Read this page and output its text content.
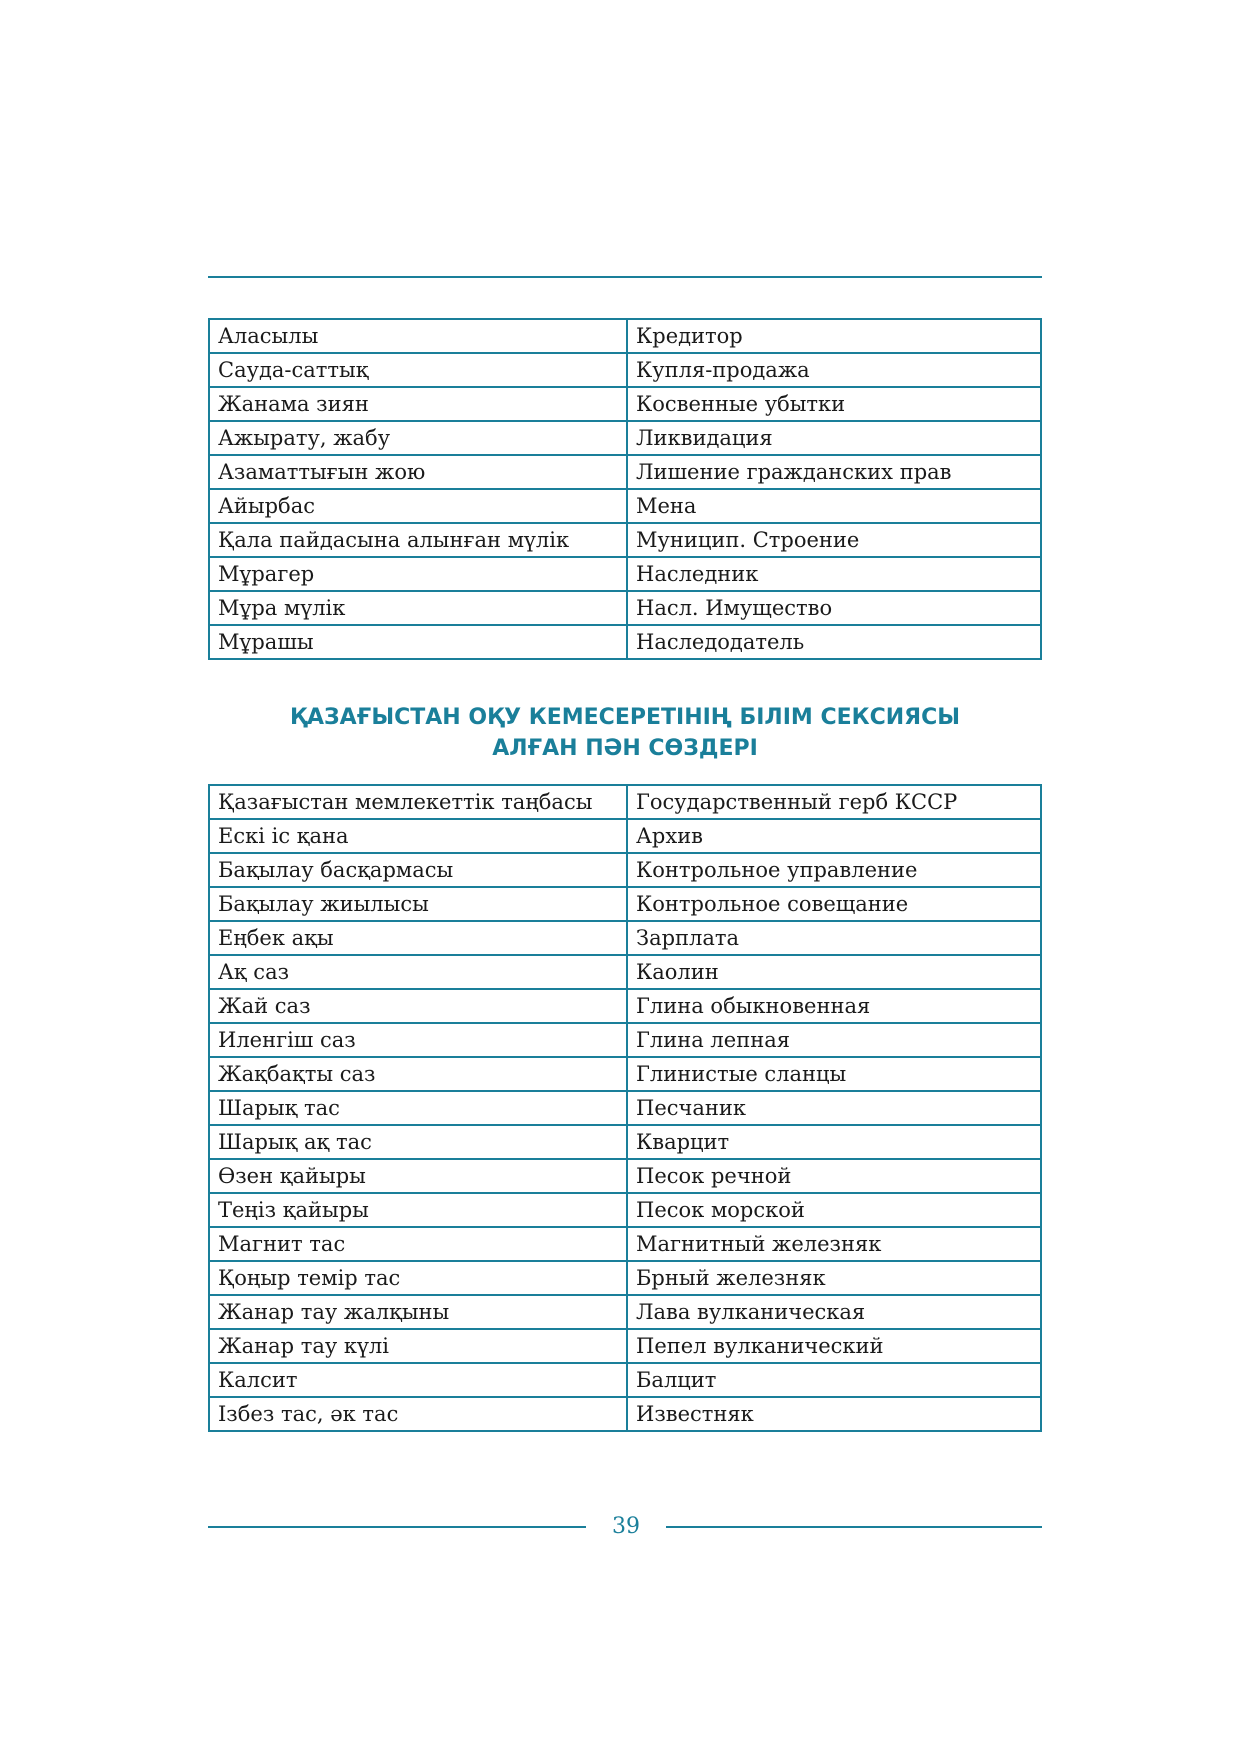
Аласылы	Кредитор
Сауда-саттық	Купля-продажа
Жанама зиян	Косвенные убытки
Ажырату, жабу	Ликвидация
Азаматтығын жою	Лишение гражданских прав
Айырбас	Мена
Қала пайдасына алынған мүлік	Муницип. Строение
Мұрагер	Наследник
Мұра мүлік	Насл. Имущество
Мұрашы	Наследодатель
ҚАЗАҒЫСТАН ОҚУ КЕМЕСЕРЕТІНІҢ БІЛІМ СЕКСИЯСЫ
АЛҒАН ПӘН СӨЗДЕРІ
Қазағыстан мемлекеттік таңбасы	Государственный герб КССР
Ескі іс қана	Архив
Бақылау басқармасы	Контрольное управление
Бақылау жиылысы	Контрольное совещание
Еңбек ақы	Зарплата
Ақ саз	Каолин
Жай саз	Глина обыкновенная
Иленгіш саз	Глина лепная
Жақбақты саз	Глинистые сланцы
Шарық тас	Песчаник
Шарық ақ тас	Кварцит
Өзен қайыры	Песок речной
Теңіз қайыры	Песок морской
Магнит тас	Магнитный железняк
Қоңыр темір тас	Брный железняк
Жанар тау жалқыны	Лава вулканическая
Жанар тау күлі	Пепел вулканический
Калсит	Балцит
Ізбез тас, әк тас	Известняк
39
